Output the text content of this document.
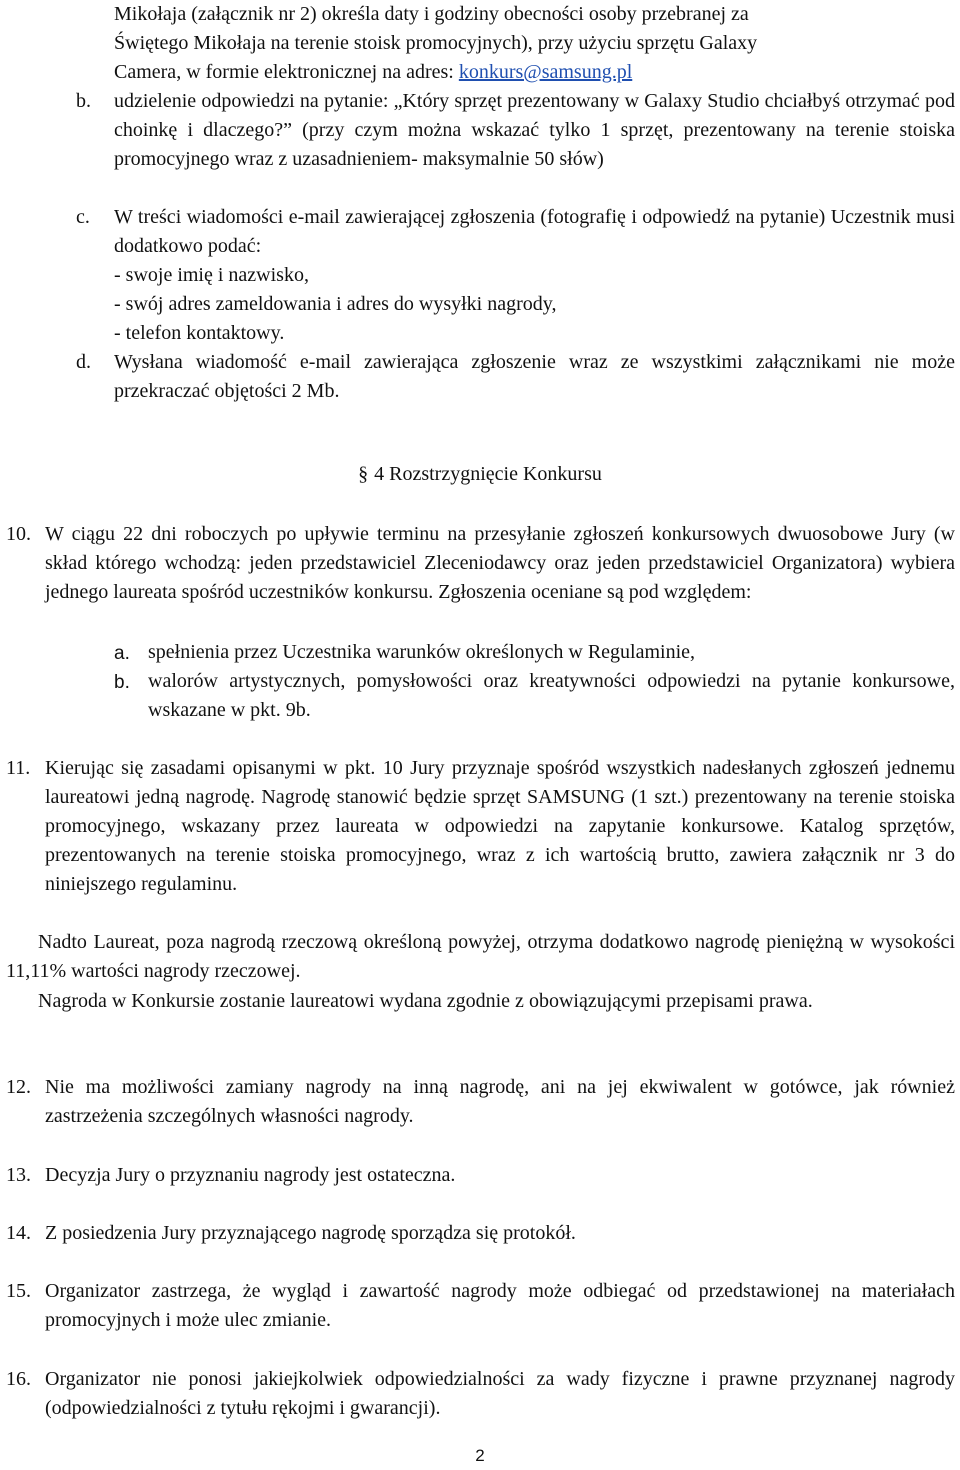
Mikołaja (załącznik nr 2) określa daty i godziny obecności osoby przebranej za
Świętego Mikołaja na terenie stoisk promocyjnych), przy użyciu sprzętu Galaxy
Camera, w formie elektronicznej na adres: konkurs@samsung.pl
b. udzielenie odpowiedzi na pytanie: „Który sprzęt prezentowany w Galaxy Studio chciałbyś otrzymać pod choinkę i dlaczego?” (przy czym można wskazać tylko 1 sprzęt, prezentowany na terenie stoiska promocyjnego wraz z uzasadnieniem- maksymalnie 50 słów)
c. W treści wiadomości e-mail zawierającej zgłoszenia (fotografię i odpowiedź na pytanie) Uczestnik musi dodatkowo podać:
- swoje imię i nazwisko,
- swój adres zameldowania i adres do wysyłki nagrody,
- telefon kontaktowy.
d. Wysłana wiadomość e-mail zawierająca zgłoszenie wraz ze wszystkimi załącznikami nie może przekraczać objętości 2 Mb.
§ 4 Rozstrzygnięcie Konkursu
10. W ciągu 22 dni roboczych po upływie terminu na przesyłanie zgłoszeń konkursowych dwuosobowe Jury (w skład którego wchodzą: jeden przedstawiciel Zleceniodawcy oraz jeden przedstawiciel Organizatora) wybiera jednego laureata spośród uczestników konkursu. Zgłoszenia oceniane są pod względem:
a. spełnienia przez Uczestnika warunków określonych w Regulaminie,
b. walorów artystycznych, pomysłowości oraz kreatywności odpowiedzi na pytanie konkursowe, wskazane w pkt. 9b.
11. Kierując się zasadami opisanymi w pkt. 10 Jury przyznaje spośród wszystkich nadesłanych zgłoszeń jednemu laureatowi jedną nagrodę. Nagrodę stanowić będzie sprzęt SAMSUNG (1 szt.) prezentowany na terenie stoiska promocyjnego, wskazany przez laureata w odpowiedzi na zapytanie konkursowe. Katalog sprzętów, prezentowanych na terenie stoiska promocyjnego, wraz z ich wartością brutto, zawiera załącznik nr 3 do niniejszego regulaminu.
Nadto Laureat, poza nagrodą rzeczową określoną powyżej, otrzyma dodatkowo nagrodę pieniężną w wysokości 11,11% wartości nagrody rzeczowej.
Nagroda w Konkursie zostanie laureatowi wydana zgodnie z obowiązującymi przepisami prawa.
12. Nie ma możliwości zamiany nagrody na inną nagrodę, ani na jej ekwiwalent w gotówce, jak również zastrzeżenia szczególnych własności nagrody.
13. Decyzja Jury o przyznaniu nagrody jest ostateczna.
14. Z posiedzenia Jury przyznającego nagrodę sporządza się protokół.
15. Organizator zastrzega, że wygląd i zawartość nagrody może odbiegać od przedstawionej na materiałach promocyjnych i może ulec zmianie.
16. Organizator nie ponosi jakiejkolwiek odpowiedzialności za wady fizyczne i prawne przyznanej nagrody (odpowiedzialności z tytułu rękojmi i gwarancji).
2
